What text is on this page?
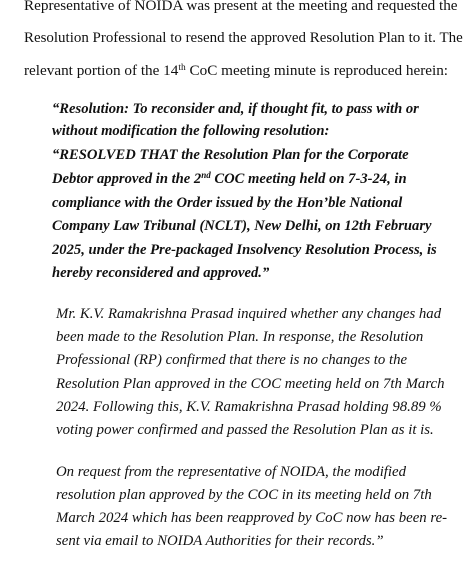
Representative of NOIDA was present at the meeting and requested the
Resolution Professional to resend the approved Resolution Plan to it. The
relevant portion of the 14th CoC meeting minute is reproduced herein:
“Resolution: To reconsider and, if thought fit, to pass with or
without modification the following resolution:
“RESOLVED THAT the Resolution Plan for the Corporate
Debtor approved in the 2nd COC meeting held on 7-3-24, in
compliance with the Order issued by the Hon’ble National
Company Law Tribunal (NCLT), New Delhi, on 12th February
2025, under the Pre-packaged Insolvency Resolution Process, is
hereby reconsidered and approved.”
Mr. K.V. Ramakrishna Prasad inquired whether any changes had
been made to the Resolution Plan. In response, the Resolution
Professional (RP) confirmed that there is no changes to the
Resolution Plan approved in the COC meeting held on 7th March
2024. Following this, K.V. Ramakrishna Prasad holding 98.89 %
voting power confirmed and passed the Resolution Plan as it is.
On request from the representative of NOIDA, the modified
resolution plan approved by the COC in its meeting held on 7th
March 2024 which has been reapproved by CoC now has been re-
sent via email to NOIDA Authorities for their records.”
